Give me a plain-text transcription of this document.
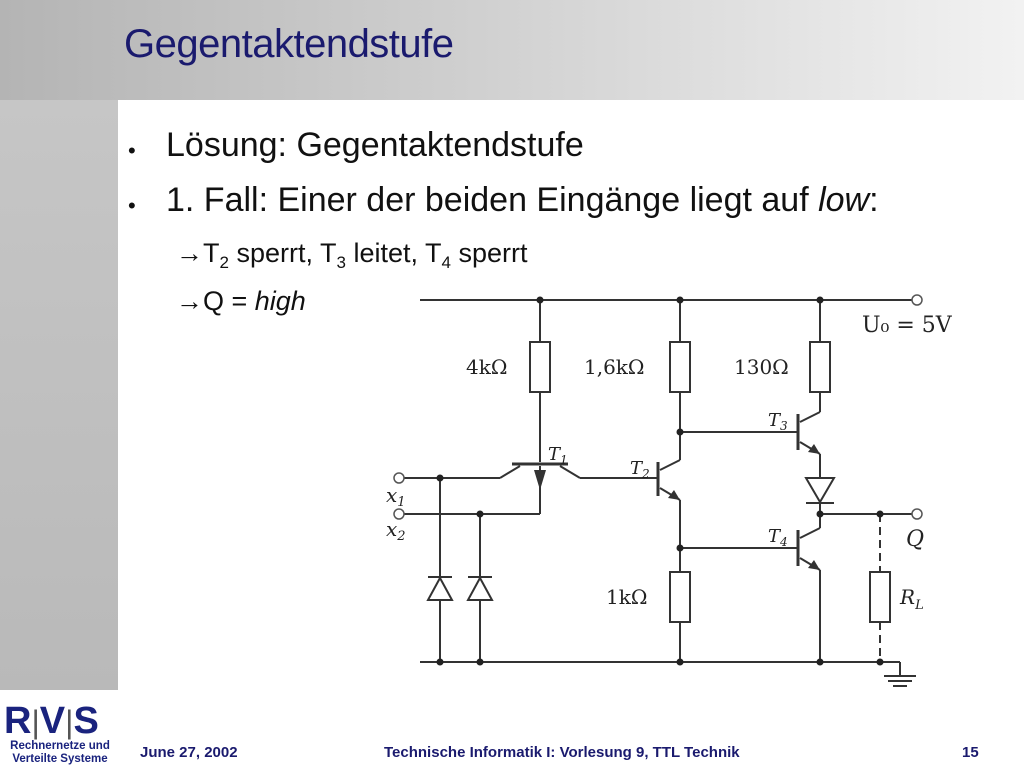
Gegentaktendstufe
• Lösung: Gegentaktendstufe
• 1. Fall: Einer der beiden Eingänge liegt auf low:
$\to T_2$ sperrt, $T_3$ leitet, $T_4$ sperrt
→Q = high
U₀ = 5V
4kΩ	1,6kΩ	130Ω
1kΩ	$R_L$
$T_1$	$T_2$
$T_3$
$T_4$
$x_1$
$x_2$	Q
R|V|S
Rechnernetze und
Verteilte Systeme	June 27, 2002	Technische Informatik I: Vorlesung 9, TTL Technik	15
